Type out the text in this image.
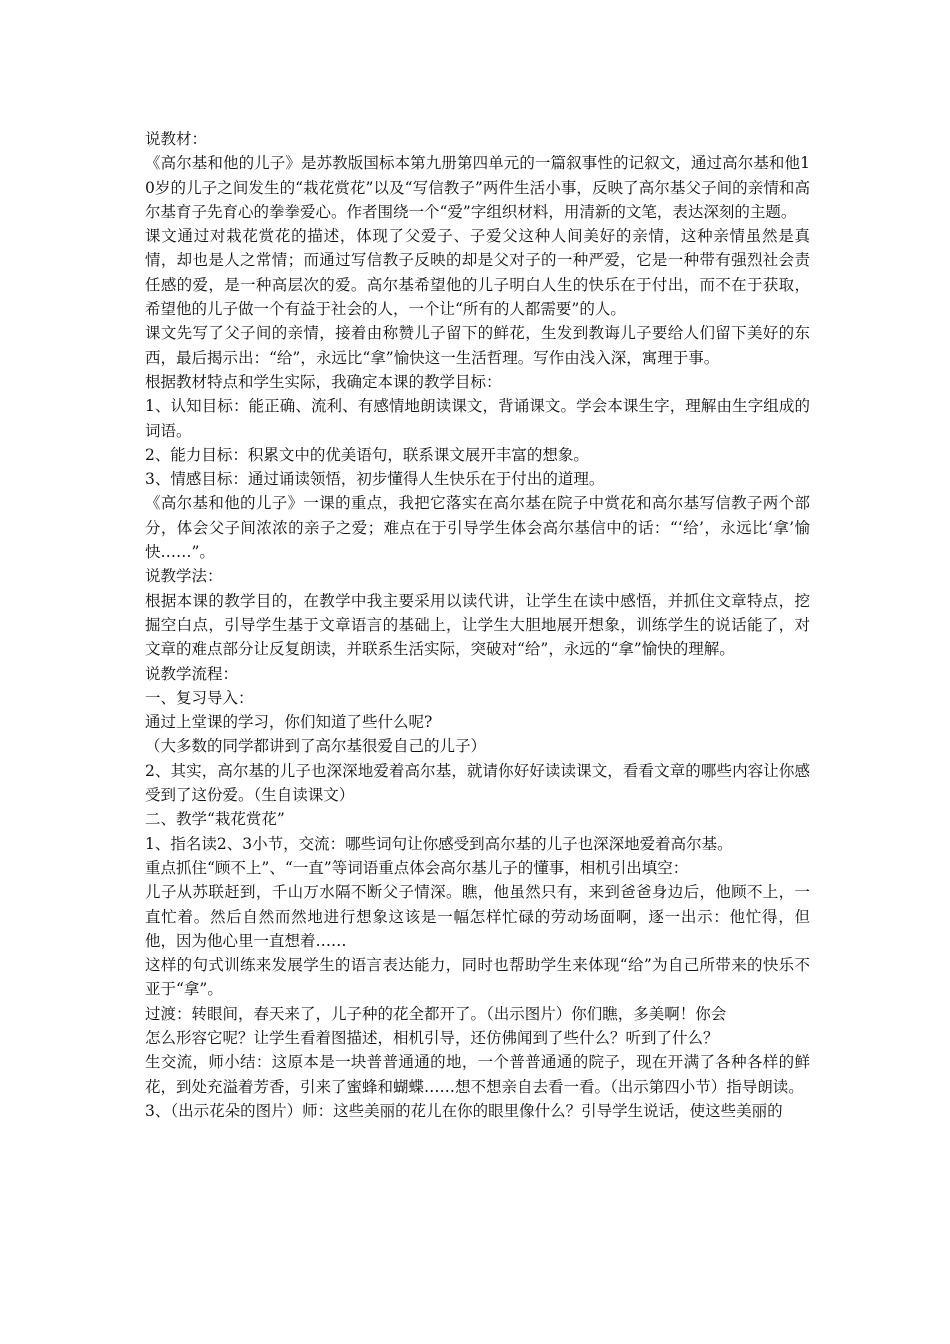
说教材：

《高尔基和他的儿子》是苏教版国标本第九册第四单元的一篇叙事性的记叙文，通过高尔基和他10岁的儿子之间发生的“栽花赏花”以及“写信教子”两件生活小事，反映了高尔基父子间的亲情和高尔基育子先育心的拳拳爱心。作者围绕一个“爱”字组织材料，用清新的文笔，表达深刻的主题。

课文通过对栽花赏花的描述，体现了父爱子、子爱父这种人间美好的亲情，这种亲情虽然是真情，却也是人之常情；而通过写信教子反映的却是父对子的一种严爱，它是一种带有强烈社会责任感的爱，是一种高层次的爱。高尔基希望他的儿子明白人生的快乐在于付出，而不在于获取，希望他的儿子做一个有益于社会的人，一个让“所有的人都需要”的人。

课文先写了父子间的亲情，接着由称赞儿子留下的鲜花，生发到教诲儿子要给人们留下美好的东西，最后揭示出：“给”，永远比“拿”愉快这一生活哲理。写作由浅入深，寓理于事。

根据教材特点和学生实际，我确定本课的教学目标：

1、认知目标：能正确、流利、有感情地朗读课文，背诵课文。学会本课生字，理解由生字组成的词语。

2、能力目标：积累文中的优美语句，联系课文展开丰富的想象。

3、情感目标：通过诵读领悟，初步懂得人生快乐在于付出的道理。

《高尔基和他的儿子》一课的重点，我把它落实在高尔基在院子中赏花和高尔基写信教子两个部分，体会父子间浓浓的亲子之爱；难点在于引导学生体会高尔基信中的话：“‘给’，永远比‘拿’愉快……”。

说教学法：

根据本课的教学目的，在教学中我主要采用以读代讲，让学生在读中感悟，并抓住文章特点，挖掘空白点，引导学生基于文章语言的基础上，让学生大胆地展开想象，训练学生的说话能了，对文章的难点部分让反复朗读，并联系生活实际，突破对“给”，永远的“拿”愉快的理解。

说教学流程：

一、复习导入：

通过上堂课的学习，你们知道了些什么呢?

（大多数的同学都讲到了高尔基很爱自己的儿子）

2、其实，高尔基的儿子也深深地爱着高尔基，就请你好好读读课文，看看文章的哪些内容让你感受到了这份爱。（生自读课文）

二、教学“栽花赏花”

1、指名读2、3小节，交流：哪些词句让你感受到高尔基的儿子也深深地爱着高尔基。

重点抓住“顾不上”、“一直”等词语重点体会高尔基儿子的懂事，相机引出填空：

儿子从苏联赶到，千山万水隔不断父子情深。瞧，他虽然只有，来到爸爸身边后，他顾不上，一直忙着。然后自然而然地进行想象这该是一幅怎样忙碌的劳动场面啊，逐一出示：他忙得，但他，因为他心里一直想着……

这样的句式训练来发展学生的语言表达能力，同时也帮助学生来体现“给”为自己所带来的快乐不亚于“拿”。

过渡：转眼间，春天来了，儿子种的花全都开了。（出示图片）你们瞧，多美啊！你会

怎么形容它呢？让学生看着图描述，相机引导，还仿佛闻到了些什么？听到了什么？

生交流，师小结：这原本是一块普普通通的地，一个普普通通的院子，现在开满了各种各样的鲜花，到处充溢着芳香，引来了蜜蜂和蝴蝶……想不想亲自去看一看。（出示第四小节）指导朗读。

3、（出示花朵的图片）师：这些美丽的花儿在你的眼里像什么？引导学生说话，使这些美丽的
